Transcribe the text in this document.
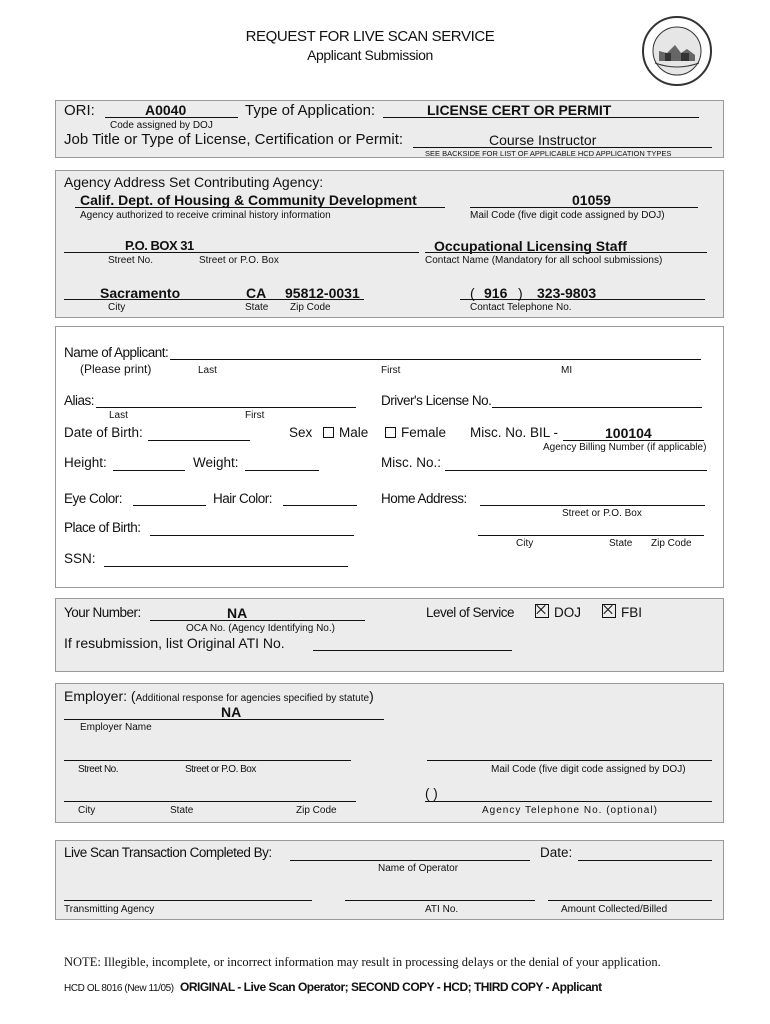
REQUEST FOR LIVE SCAN SERVICE
Applicant Submission
ORI:	A0040
Code assigned by DOJ
Type of Application:	LICENSE CERT OR PERMIT
Job Title or Type of License, Certification or Permit:	Course Instructor
SEE BACKSIDE FOR LIST OF APPLICABLE HCD APPLICATION TYPES
Agency Address Set Contributing Agency:
Calif. Dept. of Housing & Community Development
Agency authorized to receive criminal history information
01059
Mail Code (five digit code assigned by DOJ)
P.O. BOX 31
Street No.	Street or P.O. Box
Occupational Licensing Staff
Contact Name (Mandatory for all school submissions)
Sacramento	CA 95812-0031
City	State Zip Code
( 916 ) 323-9803
Contact Telephone No.
Name of Applicant:
(Please print)	Last	First	MI
Alias:
Last	First
Driver's License No.
Date of Birth:	Sex	Male	Female Misc. No. BIL -	100104
Agency Billing Number (if applicable)
Height:	Weight:	Misc. No.:
Eye Color:	Hair Color:	Home Address:
Street or P.O. Box
Place of Birth:
City	State Zip Code
SSN:
Your Number:	NA
OCA No. (Agency Identifying No.)
Level of Service	DOJ	FBI
If resubmission, list Original ATI No.
Employer: (Additional response for agencies specified by statute)
NA
Employer Name
Street No.	Street or P.O. Box	Mail Code (five digit code assigned by DOJ)
City	State	Zip Code
( )
Agency Telephone No. (optional)
Live Scan Transaction Completed By:
Name of Operator
Date:
Transmitting Agency	ATI No.	Amount Collected/Billed
NOTE: Illegible, incomplete, or incorrect information may result in processing delays or the denial of your application.
HCD OL 8016 (New 11/05) ORIGINAL - Live Scan Operator; SECOND COPY - HCD; THIRD COPY - Applicant
